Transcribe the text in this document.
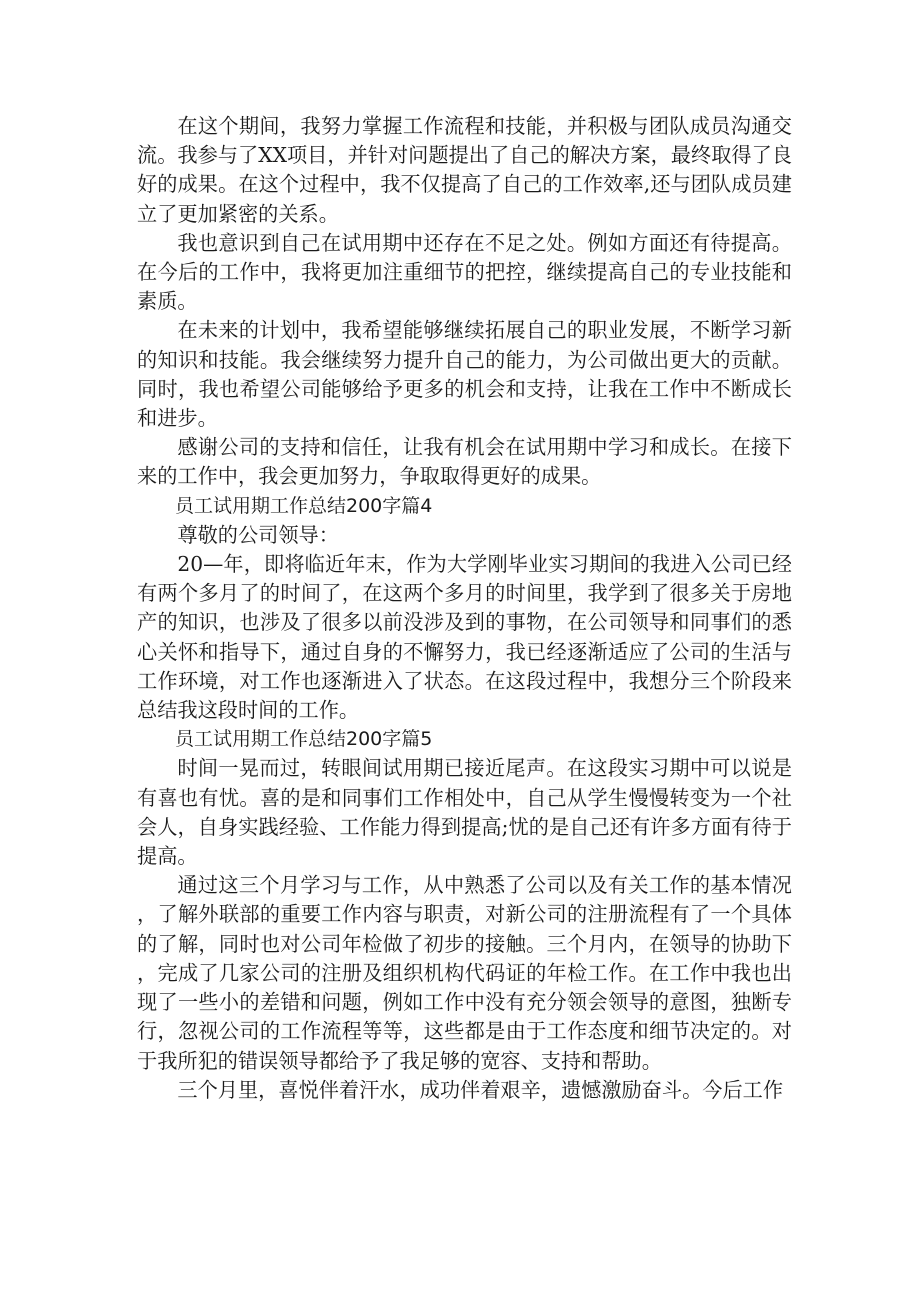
在这个期间，我努力掌握工作流程和技能，并积极与团队成员沟通交流。我参与了XX项目，并针对问题提出了自己的解决方案，最终取得了良好的成果。在这个过程中，我不仅提高了自己的工作效率,还与团队成员建立了更加紧密的关系。

我也意识到自己在试用期中还存在不足之处。例如方面还有待提高。在今后的工作中，我将更加注重细节的把控，继续提高自己的专业技能和素质。

在未来的计划中，我希望能够继续拓展自己的职业发展，不断学习新的知识和技能。我会继续努力提升自己的能力，为公司做出更大的贡献。同时，我也希望公司能够给予更多的机会和支持，让我在工作中不断成长和进步。

感谢公司的支持和信任，让我有机会在试用期中学习和成长。在接下来的工作中，我会更加努力，争取取得更好的成果。

员工试用期工作总结200字篇4

尊敬的公司领导：

20—年，即将临近年末，作为大学刚毕业实习期间的我进入公司已经有两个多月了的时间了，在这两个多月的时间里，我学到了很多关于房地产的知识，也涉及了很多以前没涉及到的事物，在公司领导和同事们的悉心关怀和指导下，通过自身的不懈努力，我已经逐渐适应了公司的生活与工作环境，对工作也逐渐进入了状态。在这段过程中，我想分三个阶段来总结我这段时间的工作。

员工试用期工作总结200字篇5

时间一晃而过，转眼间试用期已接近尾声。在这段实习期中可以说是有喜也有忧。喜的是和同事们工作相处中，自己从学生慢慢转变为一个社会人，自身实践经验、工作能力得到提高;忧的是自己还有许多方面有待于提高。

通过这三个月学习与工作，从中熟悉了公司以及有关工作的基本情况，了解外联部的重要工作内容与职责，对新公司的注册流程有了一个具体的了解，同时也对公司年检做了初步的接触。三个月内，在领导的协助下，完成了几家公司的注册及组织机构代码证的年检工作。在工作中我也出现了一些小的差错和问题，例如工作中没有充分领会领导的意图，独断专行，忽视公司的工作流程等等，这些都是由于工作态度和细节决定的。对于我所犯的错误领导都给予了我足够的宽容、支持和帮助。

三个月里，喜悦伴着汗水，成功伴着艰辛，遗憾激励奋斗。今后工作
